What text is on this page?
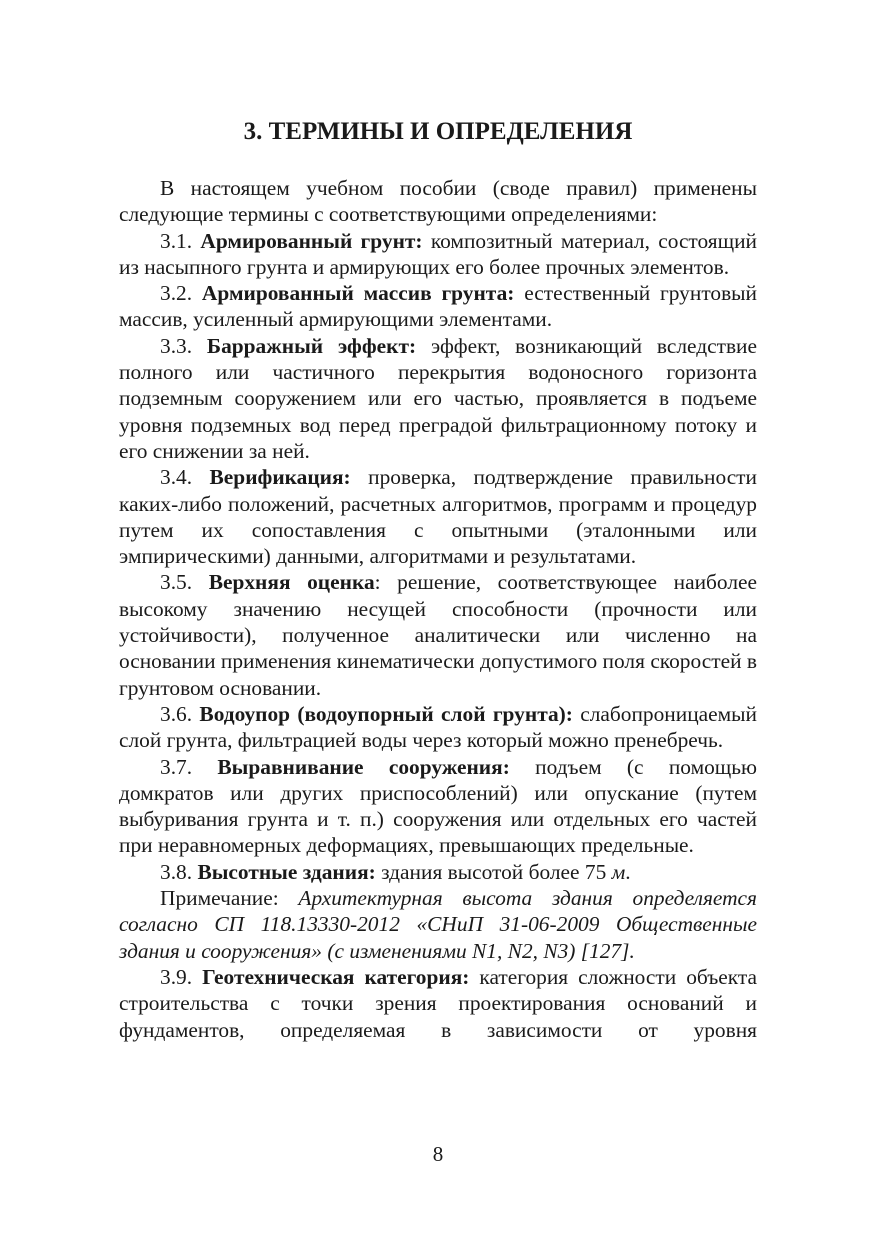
3. ТЕРМИНЫ И ОПРЕДЕЛЕНИЯ

В настоящем учебном пособии (своде правил) применены следующие термины с соответствующими определениями:

3.1. Армированный грунт: композитный материал, состоящий из насыпного грунта и армирующих его более прочных элементов.

3.2. Армированный массив грунта: естественный грунтовый массив, усиленный армирующими элементами.

3.3. Барражный эффект: эффект, возникающий вследствие полного или частичного перекрытия водоносного горизонта подземным сооружением или его частью, проявляется в подъеме уровня подземных вод перед преградой фильтрационному потоку и его снижении за ней.

3.4. Верификация: проверка, подтверждение правильности каких-либо положений, расчетных алгоритмов, программ и процедур путем их сопоставления с опытными (эталонными или эмпирическими) данными, алгоритмами и результатами.

3.5. Верхняя оценка: решение, соответствующее наиболее высокому значению несущей способности (прочности или устойчивости), полученное аналитически или численно на основании применения кинематически допустимого поля скоростей в грунтовом основании.

3.6. Водоупор (водоупорный слой грунта): слабопроницаемый слой грунта, фильтрацией воды через который можно пренебречь.

3.7. Выравнивание сооружения: подъем (с помощью домкратов или других приспособлений) или опускание (путем выбуривания грунта и т. п.) сооружения или отдельных его частей при неравномерных деформациях, превышающих предельные.

3.8. Высотные здания: здания высотой более 75 м.

Примечание: Архитектурная высота здания определяется согласно СП 118.13330-2012 «СНиП 31-06-2009 Общественные здания и сооружения» (с изменениями N1, N2, N3) [127].

3.9. Геотехническая категория: категория сложности объекта строительства с точки зрения проектирования оснований и фундаментов, определяемая в зависимости от уровня

8
